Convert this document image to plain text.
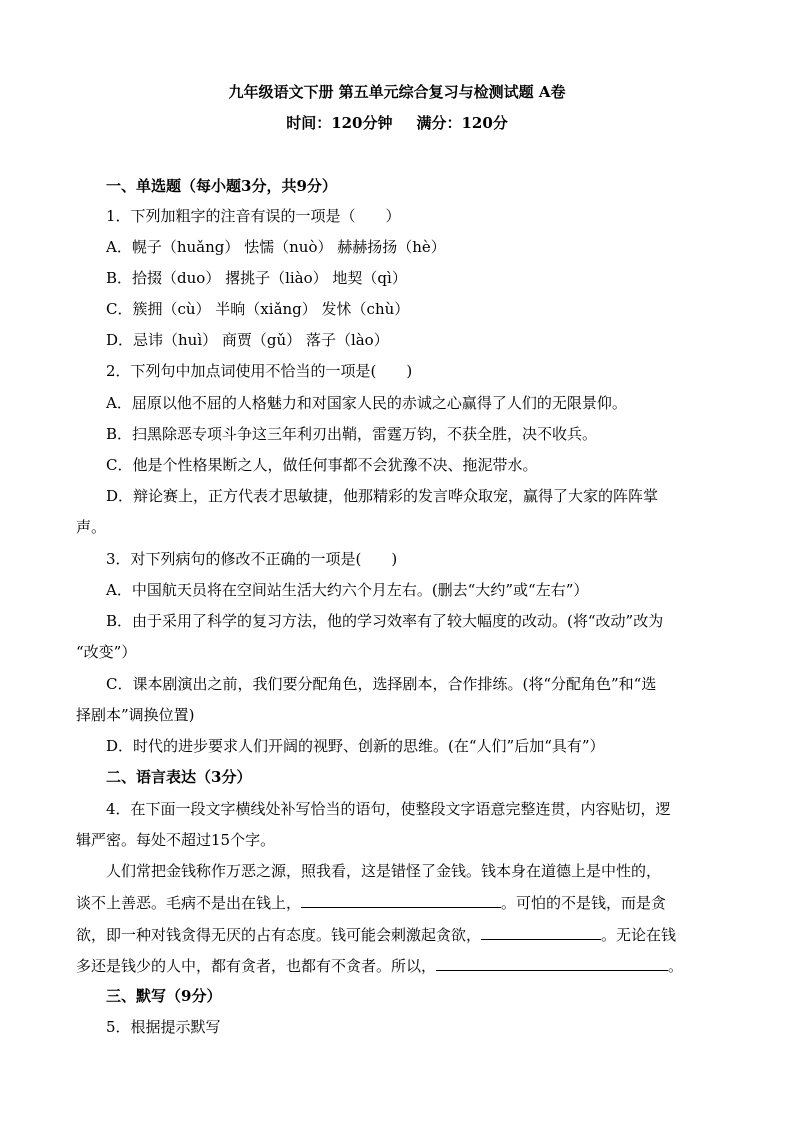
九年级语文下册 第五单元综合复习与检测试题 A卷
时间：120分钟 满分：120分
一、单选题（每小题3分，共9分）
1．下列加粗字的注音有误的一项是（　　）
A．幌子（huǎng） 怯懦（nuò） 赫赫扬扬（hè）
B．拾掇（duo） 撂挑子（liào） 地契（qì）
C．簇拥（cù） 半晌（xiǎng） 发怵（chù）
D．忌讳（huì） 商贾（gǔ） 落子（lào）
2．下列句中加点词使用不恰当的一项是(　　)
A．屈原以他不屈的人格魅力和对国家人民的赤诚之心赢得了人们的无限景仰。
B．扫黑除恶专项斗争这三年利刃出鞘，雷霆万钧，不获全胜，决不收兵。
C．他是个性格果断之人，做任何事都不会犹豫不决、拖泥带水。
D．辩论赛上，正方代表才思敏捷，他那精彩的发言哗众取宠，赢得了大家的阵阵掌
声。
3．对下列病句的修改不正确的一项是(　　)
A．中国航天员将在空间站生活大约六个月左右。(删去“大约”或“左右”）
B．由于采用了科学的复习方法，他的学习效率有了较大幅度的改动。(将“改动”改为
“改变”）
C．课本剧演出之前，我们要分配角色，选择剧本，合作排练。(将“分配角色”和“选
择剧本”调换位置)
D．时代的进步要求人们开阔的视野、创新的思维。(在“人们”后加“具有”）
二、语言表达（3分）
4．在下面一段文字横线处补写恰当的语句，使整段文字语意完整连贯，内容贴切，逻
辑严密。每处不超过15个字。
人们常把金钱称作万恶之源，照我看，这是错怪了金钱。钱本身在道德上是中性的，
谈不上善恶。毛病不是出在钱上，	。可怕的不是钱，而是贪
欲，即一种对钱贪得无厌的占有态度。钱可能会刺激起贪欲，	。无论在钱
多还是钱少的人中，都有贪者，也都有不贪者。所以，	。
三、默写（9分）
5．根据提示默写
